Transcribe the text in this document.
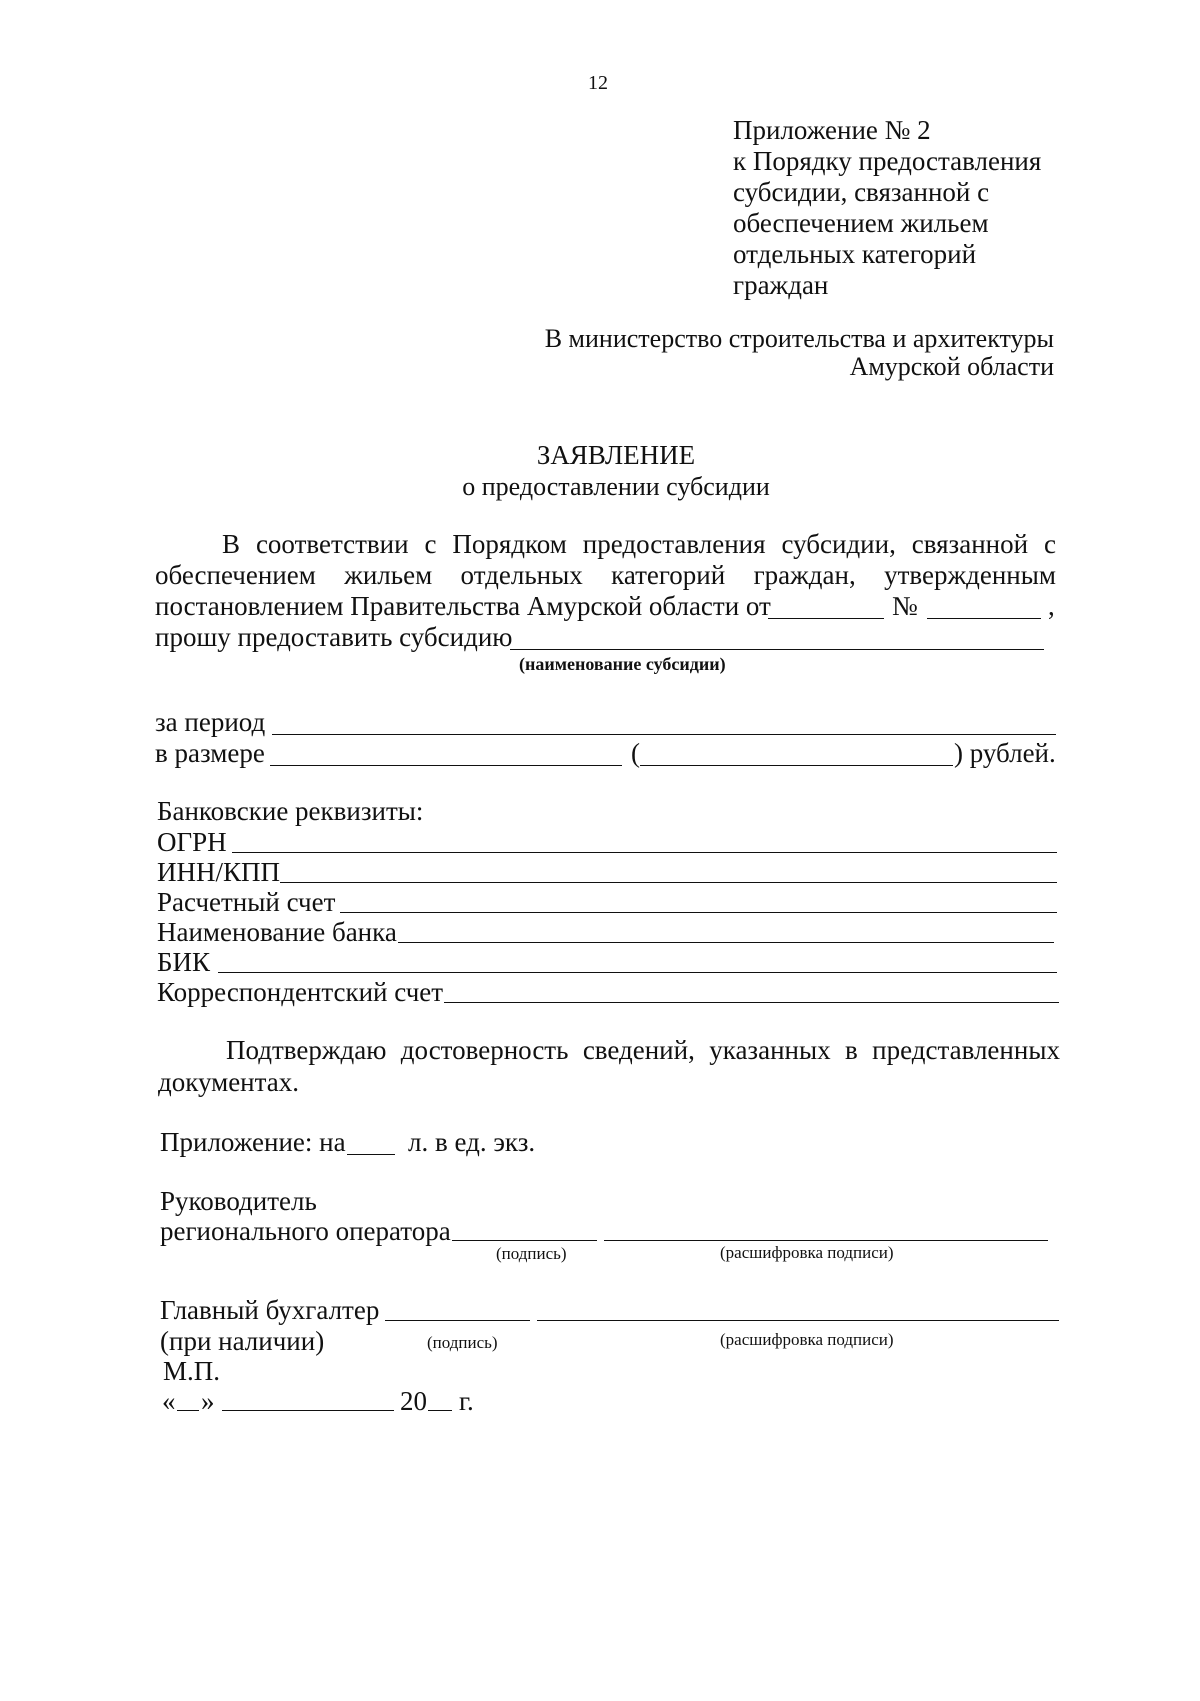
12
Приложение № 2
к Порядку предоставления
субсидии, связанной с
обеспечением жильем
отдельных категорий
граждан
В министерство строительства и архитектуры
Амурской области
ЗАЯВЛЕНИЕ
о предоставлении субсидии
В соответствии с Порядком предоставления субсидии, связанной с
обеспечением жильем отдельных категорий граждан, утвержденным
постановлением Правительства Амурской области от	№	,
прошу предоставить субсидию
(наименование субсидии)
за период
в размере	(	) рублей.
Банковские реквизиты:
ОГРН
ИНН/КПП
Расчетный счет
Наименование банка
БИК
Корреспондентский счет
Подтверждаю достоверность сведений, указанных в представленных
документах.
Приложение: на л. в ед. экз.
Руководитель
регионального оператора
(подпись)	(расшифровка подписи)
Главный бухгалтер
(при наличии)	(подпись)	(расшифровка подписи)
М.П.
« »	20 г.
